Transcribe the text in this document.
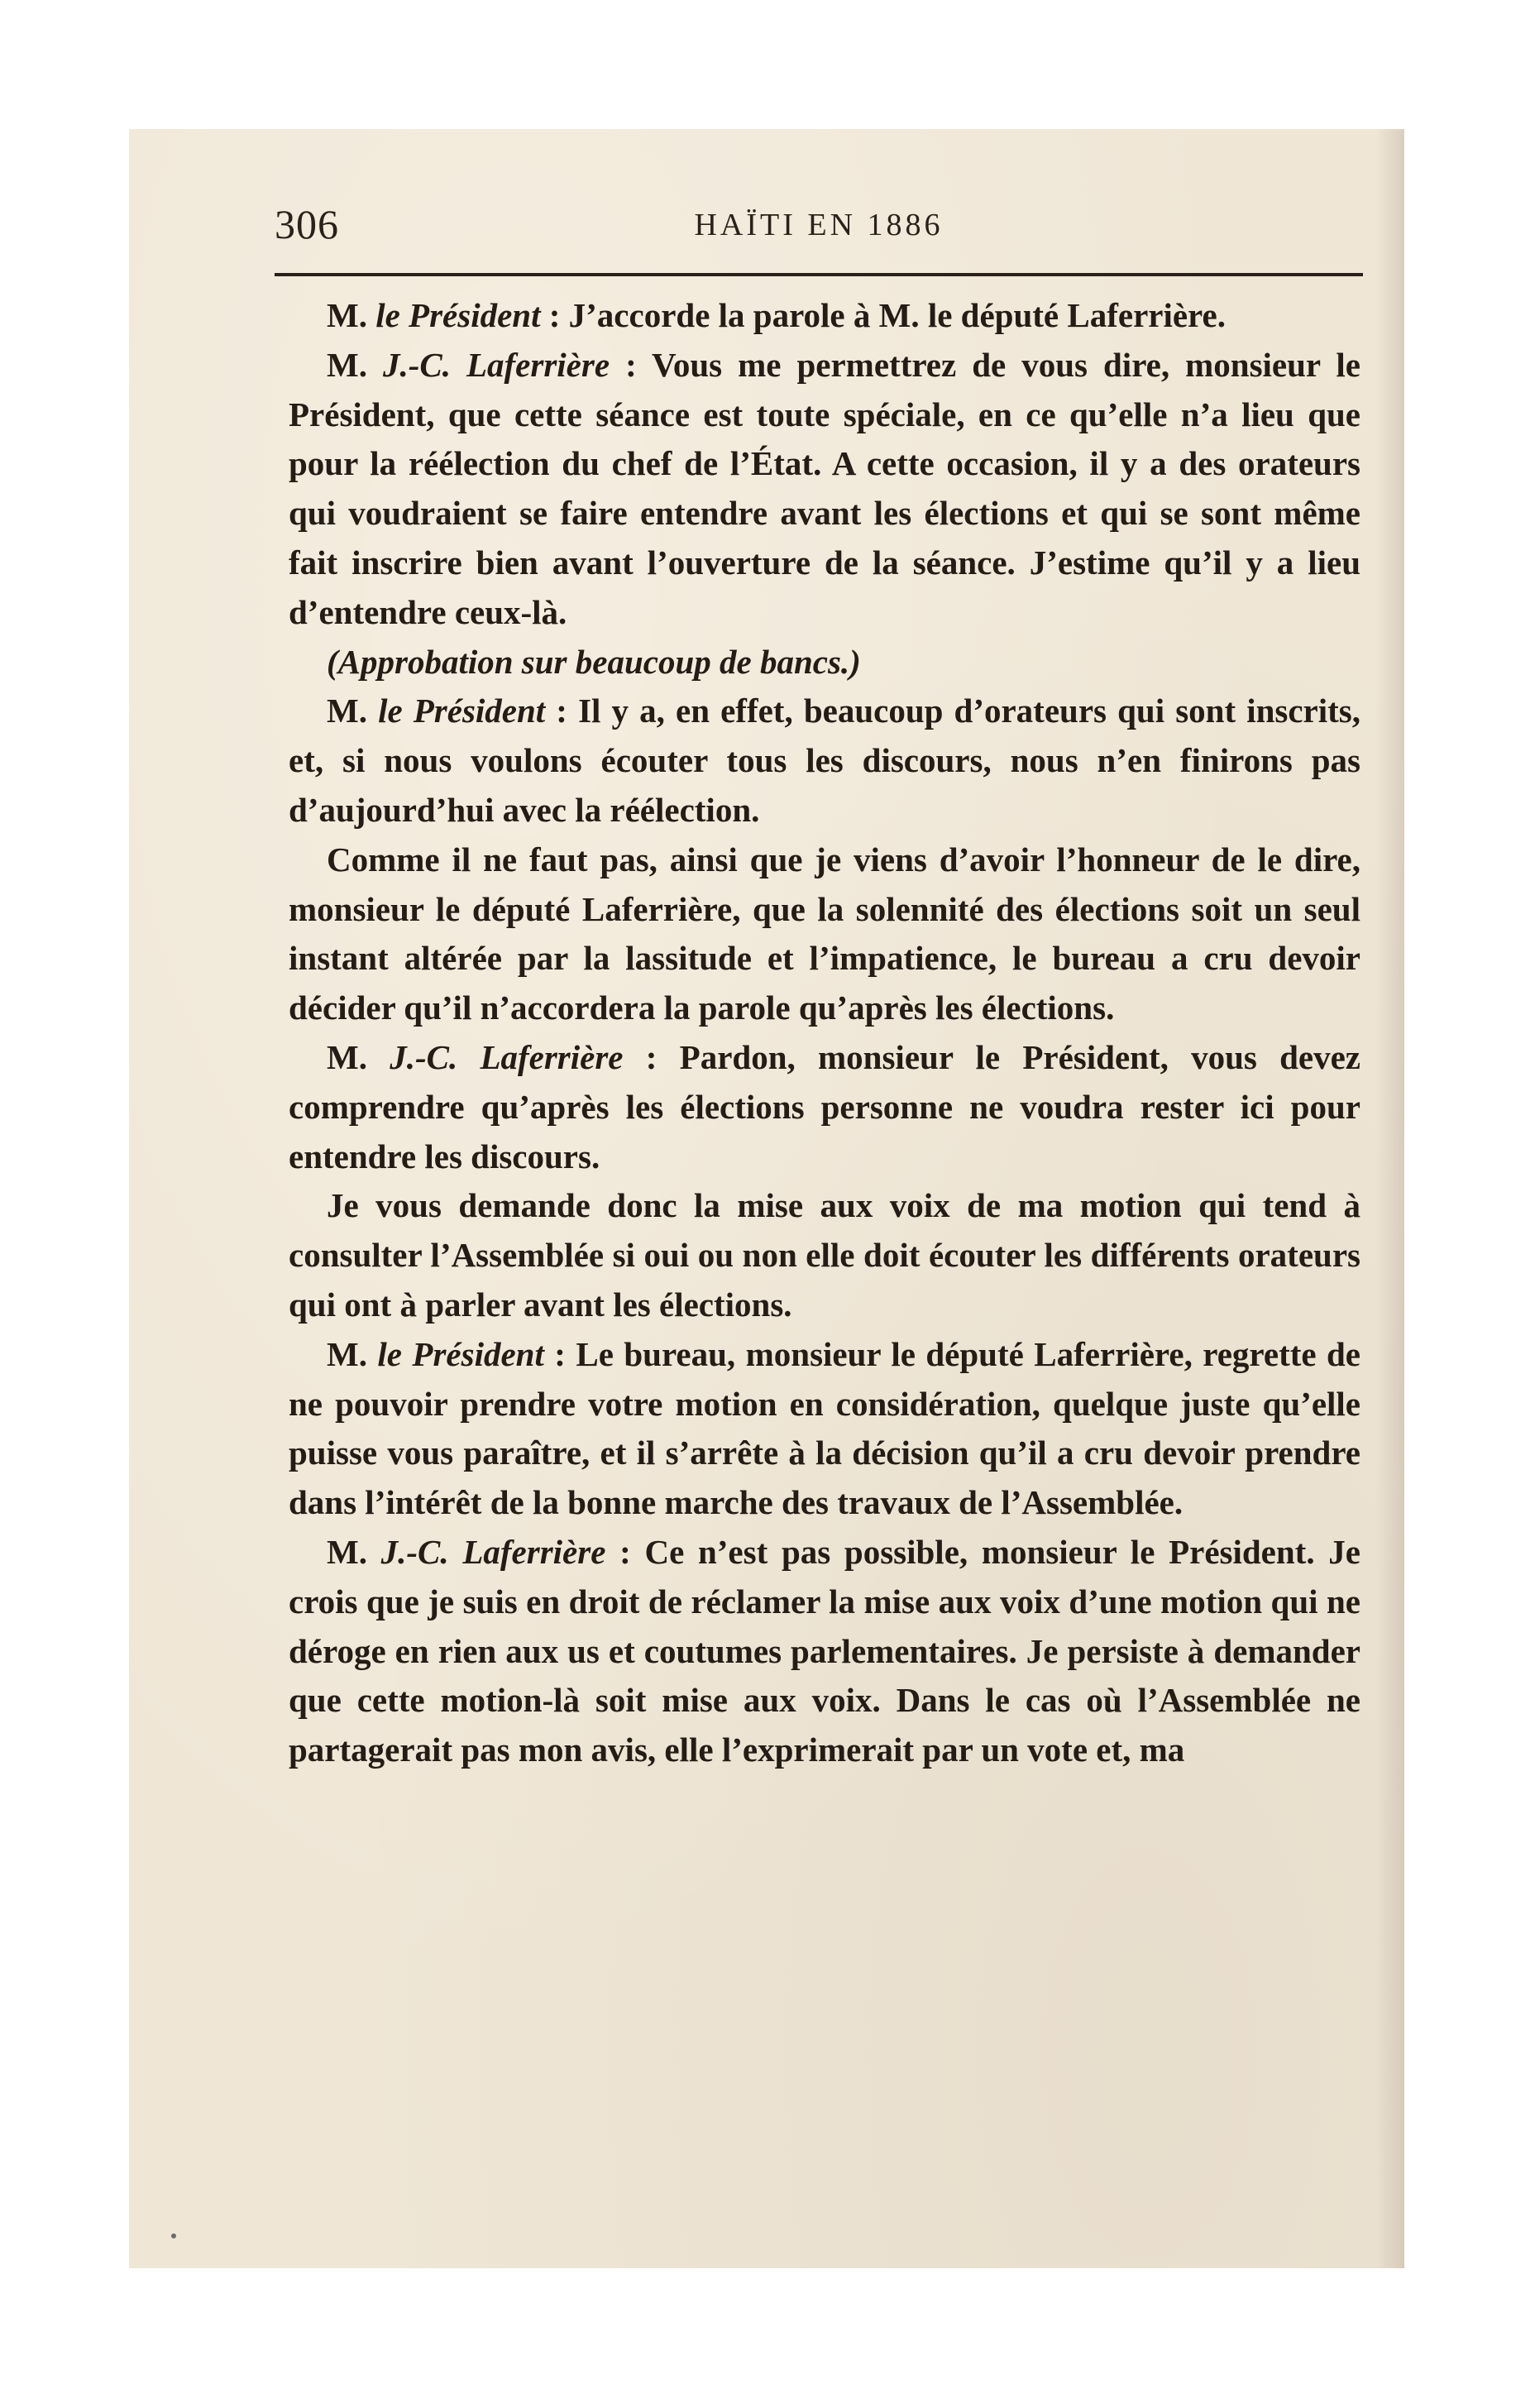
306	HAÏTI EN 1886

M. le Président : J’accorde la parole à M. le député Laferrière.

M. J.-C. Laferrière : Vous me permettrez de vous dire, monsieur le Président, que cette séance est toute spéciale, en ce qu’elle n’a lieu que pour la réélection du chef de l’État. A cette occasion, il y a des orateurs qui voudraient se faire entendre avant les élections et qui se sont même fait inscrire bien avant l’ouverture de la séance. J’estime qu’il y a lieu d’entendre ceux-là.

(Approbation sur beaucoup de bancs.)

M. le Président : Il y a, en effet, beaucoup d’orateurs qui sont inscrits, et, si nous voulons écouter tous les discours, nous n’en finirons pas d’aujourd’hui avec la réélection.

Comme il ne faut pas, ainsi que je viens d’avoir l’honneur de le dire, monsieur le député Laferrière, que la solennité des élections soit un seul instant altérée par la lassitude et l’impatience, le bureau a cru devoir décider qu’il n’accordera la parole qu’après les élections.

M. J.-C. Laferrière : Pardon, monsieur le Président, vous devez comprendre qu’après les élections personne ne voudra rester ici pour entendre les discours.

Je vous demande donc la mise aux voix de ma motion qui tend à consulter l’Assemblée si oui ou non elle doit écouter les différents orateurs qui ont à parler avant les élections.

M. le Président : Le bureau, monsieur le député Laferrière, regrette de ne pouvoir prendre votre motion en considération, quelque juste qu’elle puisse vous paraître, et il s’arrête à la décision qu’il a cru devoir prendre dans l’intérêt de la bonne marche des travaux de l’Assemblée.

M. J.-C. Laferrière : Ce n’est pas possible, monsieur le Président. Je crois que je suis en droit de réclamer la mise aux voix d’une motion qui ne déroge en rien aux us et coutumes parlementaires. Je persiste à demander que cette motion-là soit mise aux voix. Dans le cas où l’Assemblée ne partagerait pas mon avis, elle l’exprimerait par un vote et, ma
